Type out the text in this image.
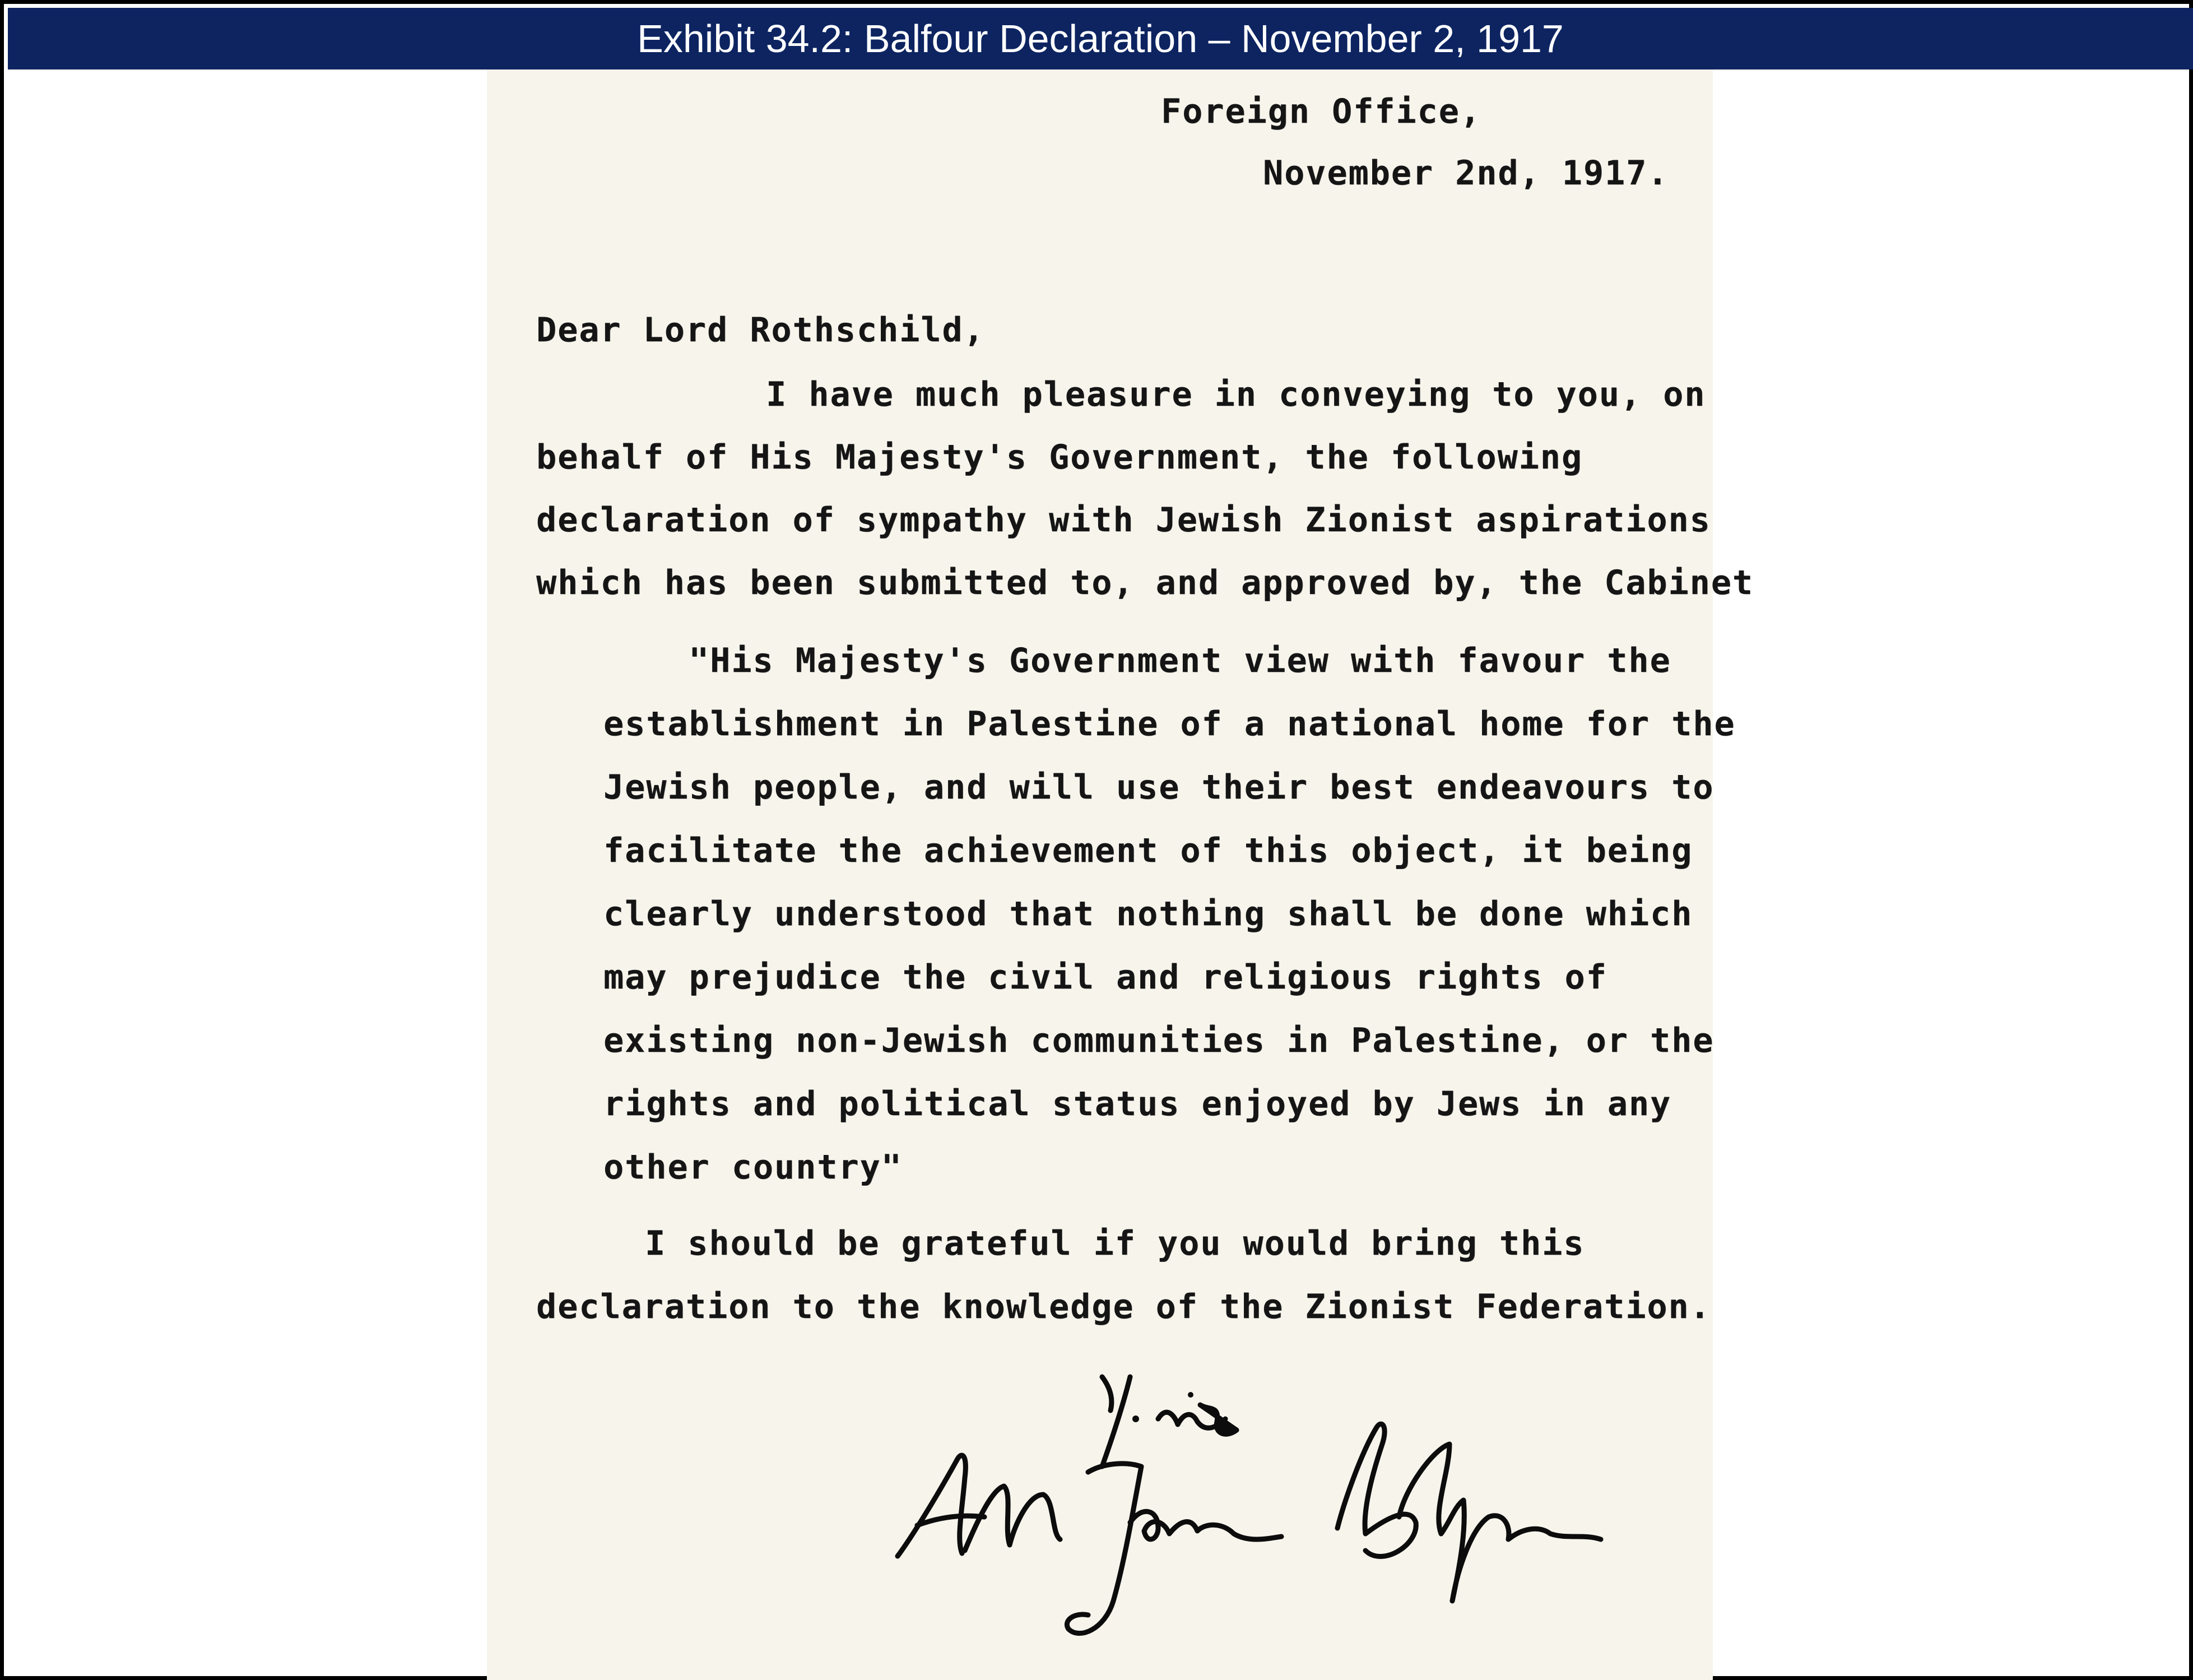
Exhibit 34.2: Balfour Declaration – November 2, 1917
Foreign Office,
November 2nd, 1917.
Dear Lord Rothschild,
I have much pleasure in conveying to you, on
behalf of His Majesty's Government, the following
declaration of sympathy with Jewish Zionist aspirations
which has been submitted to, and approved by, the Cabinet
"His Majesty's Government view with favour the
establishment in Palestine of a national home for the
Jewish people, and will use their best endeavours to
facilitate the achievement of this object, it being
clearly understood that nothing shall be done which
may prejudice the civil and religious rights of
existing non-Jewish communities in Palestine, or the
rights and political status enjoyed by Jews in any
other country"
I should be grateful if you would bring this
declaration to the knowledge of the Zionist Federation.
